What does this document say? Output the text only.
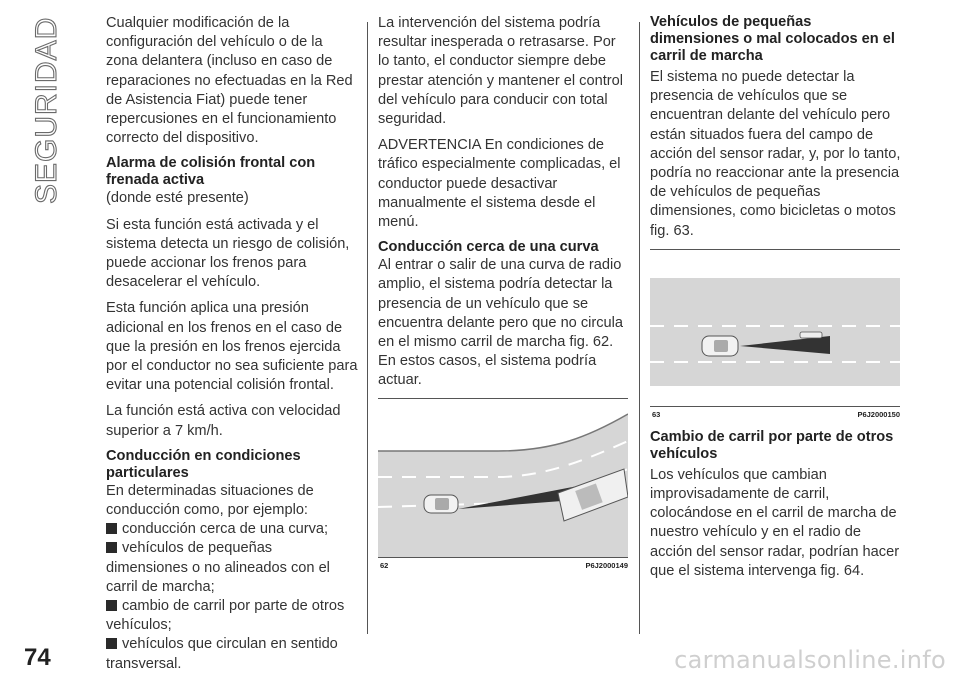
SEGURIDAD
74

Cualquier modificación de la configuración del vehículo o de la zona delantera (incluso en caso de reparaciones no efectuadas en la Red de Asistencia Fiat) puede tener repercusiones en el funcionamiento correcto del dispositivo.

Alarma de colisión frontal con frenada activa

(donde esté presente)

Si esta función está activada y el sistema detecta un riesgo de colisión, puede accionar los frenos para desacelerar el vehículo.

Esta función aplica una presión adicional en los frenos en el caso de que la presión en los frenos ejercida por el conductor no sea suficiente para evitar una potencial colisión frontal.

La función está activa con velocidad superior a 7 km/h.

Conducción en condiciones particulares

En determinadas situaciones de conducción como, por ejemplo:

conducción cerca de una curva;
vehículos de pequeñas dimensiones o no alineados con el carril de marcha;
cambio de carril por parte de otros vehículos;
vehículos que circulan en sentido transversal.

La intervención del sistema podría resultar inesperada o retrasarse. Por lo tanto, el conductor siempre debe prestar atención y mantener el control del vehículo para conducir con total seguridad.

ADVERTENCIA En condiciones de tráfico especialmente complicadas, el conductor puede desactivar manualmente el sistema desde el menú.

Conducción cerca de una curva

Al entrar o salir de una curva de radio amplio, el sistema podría detectar la presencia de un vehículo que se encuentra delante pero que no circula en el mismo carril de marcha fig. 62. En estos casos, el sistema podría actuar.

62	P6J2000149
Vehículos de pequeñas dimensiones o mal colocados en el carril de marcha

El sistema no puede detectar la presencia de vehículos que se encuentran delante del vehículo pero están situados fuera del campo de acción del sensor radar, y, por lo tanto, podría no reaccionar ante la presencia de vehículos de pequeñas dimensiones, como bicicletas o motos fig. 63.

63	P6J2000150
Cambio de carril por parte de otros vehículos

Los vehículos que cambian improvisadamente de carril, colocándose en el carril de marcha de nuestro vehículo y en el radio de acción del sensor radar, podrían hacer que el sistema intervenga fig. 64.

carmanualsonline.info
